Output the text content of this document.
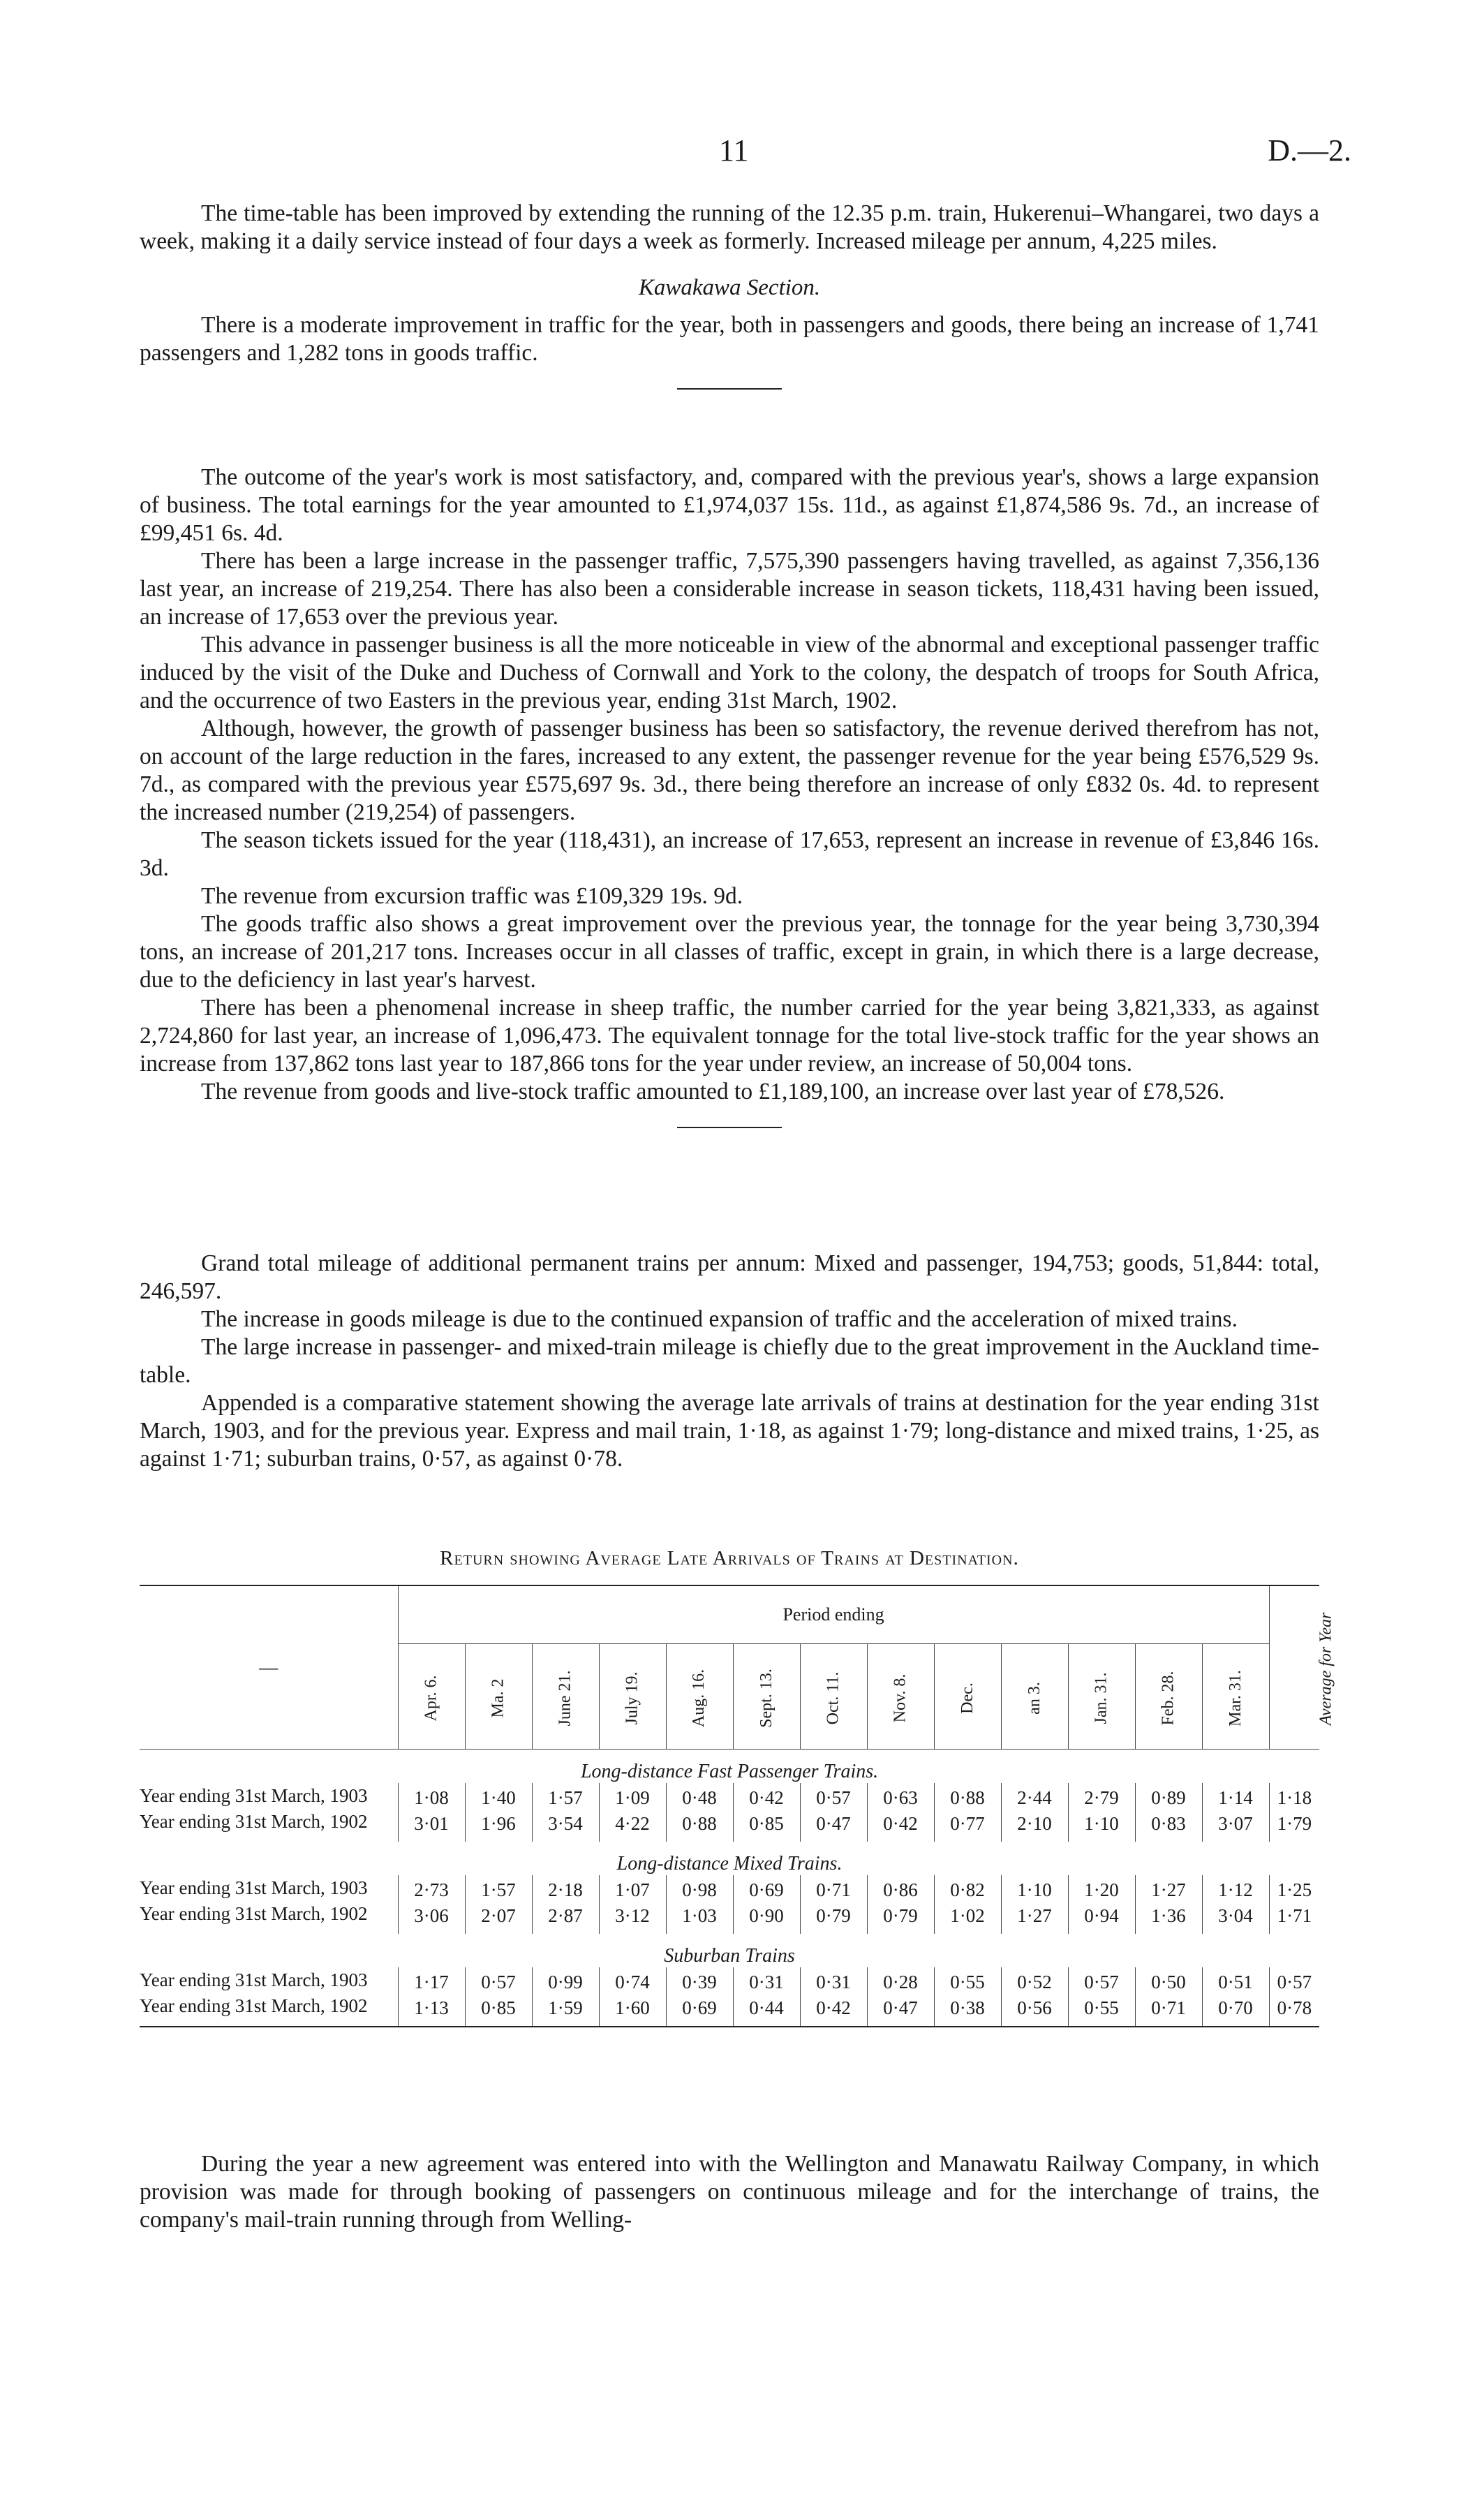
11	D.—2.

The time-table has been improved by extending the running of the 12.35 p.m. train, Hukerenui–Whangarei, two days a week, making it a daily service instead of four days a week as formerly. Increased mileage per annum, 4,225 miles.

Kawakawa Section.

There is a moderate improvement in traffic for the year, both in passengers and goods, there being an increase of 1,741 passengers and 1,282 tons in goods traffic.

The outcome of the year's work is most satisfactory, and, compared with the previous year's, shows a large expansion of business. The total earnings for the year amounted to £1,974,037 15s. 11d., as against £1,874,586 9s. 7d., an increase of £99,451 6s. 4d.

There has been a large increase in the passenger traffic, 7,575,390 passengers having travelled, as against 7,356,136 last year, an increase of 219,254. There has also been a considerable increase in season tickets, 118,431 having been issued, an increase of 17,653 over the previous year.

This advance in passenger business is all the more noticeable in view of the abnormal and exceptional passenger traffic induced by the visit of the Duke and Duchess of Cornwall and York to the colony, the despatch of troops for South Africa, and the occurrence of two Easters in the previous year, ending 31st March, 1902.

Although, however, the growth of passenger business has been so satisfactory, the revenue derived therefrom has not, on account of the large reduction in the fares, increased to any extent, the passenger revenue for the year being £576,529 9s. 7d., as compared with the previous year £575,697 9s. 3d., there being therefore an increase of only £832 0s. 4d. to represent the increased number (219,254) of passengers.

The season tickets issued for the year (118,431), an increase of 17,653, represent an increase in revenue of £3,846 16s. 3d.

The revenue from excursion traffic was £109,329 19s. 9d.

The goods traffic also shows a great improvement over the previous year, the tonnage for the year being 3,730,394 tons, an increase of 201,217 tons. Increases occur in all classes of traffic, except in grain, in which there is a large decrease, due to the deficiency in last year's harvest.

There has been a phenomenal increase in sheep traffic, the number carried for the year being 3,821,333, as against 2,724,860 for last year, an increase of 1,096,473. The equivalent tonnage for the total live-stock traffic for the year shows an increase from 137,862 tons last year to 187,866 tons for the year under review, an increase of 50,004 tons.

The revenue from goods and live-stock traffic amounted to £1,189,100, an increase over last year of £78,526.

Grand total mileage of additional permanent trains per annum: Mixed and passenger, 194,753; goods, 51,844: total, 246,597.

The increase in goods mileage is due to the continued expansion of traffic and the acceleration of mixed trains.

The large increase in passenger- and mixed-train mileage is chiefly due to the great improvement in the Auckland time-table.

Appended is a comparative statement showing the average late arrivals of trains at destination for the year ending 31st March, 1903, and for the previous year. Express and mail train, 1·18, as against 1·79; long-distance and mixed trains, 1·25, as against 1·71; suburban trains, 0·57, as against 0·78.

Return showing Average Late Arrivals of Trains at Destination.
—	Period ending													Average for Year
	Apr. 6.	Ma. 2	June 21.	July 19.	Aug. 16.	Sept. 13.	Oct. 11.	Nov. 8.	Dec.	an 3.	Jan. 31.	Feb. 28.	Mar. 31.	
Long-distance Fast Passenger Trains.														
Year ending 31st March, 1903	1·08	1·40	1·57	1·09	0·48	0·42	0·57	0·63	0·88	2·44	2·79	0·89	1·14	1·18
Year ending 31st March, 1902	3·01	1·96	3·54	4·22	0·88	0·85	0·47	0·42	0·77	2·10	1·10	0·83	3·07	1·79
Long-distance Mixed Trains.														
Year ending 31st March, 1903	2·73	1·57	2·18	1·07	0·98	0·69	0·71	0·86	0·82	1·10	1·20	1·27	1·12	1·25
Year ending 31st March, 1902	3·06	2·07	2·87	3·12	1·03	0·90	0·79	0·79	1·02	1·27	0·94	1·36	3·04	1·71
Suburban Trains														
Year ending 31st March, 1903	1·17	0·57	0·99	0·74	0·39	0·31	0·31	0·28	0·55	0·52	0·57	0·50	0·51	0·57
Year ending 31st March, 1902	1·13	0·85	1·59	1·60	0·69	0·44	0·42	0·47	0·38	0·56	0·55	0·71	0·70	0·78

During the year a new agreement was entered into with the Wellington and Manawatu Railway Company, in which provision was made for through booking of passengers on continuous mileage and for the interchange of trains, the company's mail-train running through from Welling-
